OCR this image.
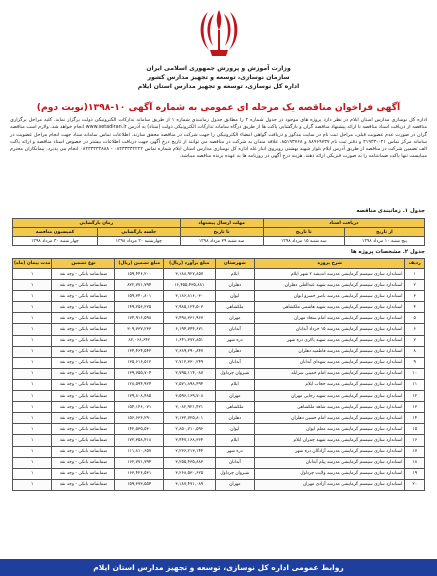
وزارت آموزش و پرورش جمهوری اسلامی ایران
سازمان نوسازی، توسعه و تجهیز مدارس کشور
اداره کل نوسازی، توسعه و تجهیز مدارس استان ایلام
آگهی فراخوان مناقصه یک مرحله ای عمومی به شماره آگهی ۱۰-۱۳۹۸(نوبت دوم)

اداره کل نوسازی مدارس استان ایلام در نظر دارد پروژه های موجود در جدول شماره ۲ را مطابق جدول زمانبندی شماره ۱ از طریق سامانه تدارکات الکترونیکی دولت برگزار نماید. کلیه مراحل برگزاری مناقصه از دریافت اسناد مناقصه تا ارائه پیشنهاد مناقصه گران و بازگشایی پاکت ها از طریق درگاه سامانه تدارکات الکترونیکی دولت (ستاد) به آدرس www.setadiran.ir انجام خواهد شد. ولازم است مناقصه گران در صورت عدم عضویت قبلی، مراحل ثبت نام در سایت مذکور و دریافت گواهی امضاء الکترونیکی را جهت شرکت در مناقصه محقق سازند. اطلاعات تماس سامانه ستاد جهت انجام مراحل عضویت در سامانه مرکز تماس ۰۲۱-۴۱۹۳۴ و دفتر ثبت نام ۸۸۹۶۹۷۳۷ و ۸۵۱۹۳۷۶۸. علاقه مندان به شرکت در مناقصه می توانند از تاریخ درج آگهی جهت دریافت اطلاعات بیشتر در خصوص اسناد مناقصه و ارائه پاکت الف تضمین شرکت در مناقصه از طریق آدرس ایلام بلوار شهید بهشتی روبروی انبار غله اداره کل نوسازی مدارس استان ایلام شماره تماس ۰۸۴۳۳۳۳۲۲۲۲ - ۰۸۴۳۳۳۳۴۸۸۸ انجام می پذیرد. پیمانکاران محترم میبایست تنها پاکت ضمانتنامه را به صورت فیزیکی ارائه دهند. هزینه درج آگهی در روزنامه ها به عهده برنده مناقصه میباشد.

جدول ۱. زمانبندی مناقصه
دریافت اسناد		مهلت ارسال پیشنهاد	زمان بازگشایی	
از تاریخ	تا تاریخ	تا تاریخ	جلسه بازگشایی	کمیسیون مناقصه
پنج شنبه ۱۰ مرداد ۱۳۹۸	سه شنبه ۱۵ مرداد ۱۳۹۸	سه شنبه ۲۹ مرداد ۱۳۹۸	چهارشنبه ۳۰ مرداد ۱۳۹۸	چهار شنبه ۳۰ مرداد ۱۳۹۸
جدول ۲. مشخصات پروژه ها
ردیف	شرح پروژه	شهرستان	مبلغ برآورد (ریال)	مبلغ تضمین (ریال)	نوع تضمین	مدت پیمان (ماه)
۱	استاندارد سازی سیستم گرمایشی مدرسه اندیشه ۲ شهر ایلام	ایلام	۳,۱۸۸,۹۲۷,۸۵۷	۱۵۹,۴۴۶,۲۰۰	ضمانتنامه بانکی - وجه نقد	۱
۲	استاندارد سازی سیستم گرمایشی مدرسه شهید عبدالعلی دهلران	دهلران	۱۶,۴۵۵,۴۳۵,۸۸۱	۸۲۲,۷۷۱,۷۹۴	ضمانتنامه بانکی - وجه نقد	۱
۳	استاندارد سازی سیستم گرمایشی مدرسه ناصر خسرو ایوان	ایوان	۳,۱۸۶,۸۱۶,۰۳۰	۱۵۹,۳۴۰,۸۰۱	ضمانتنامه بانکی - وجه نقد	۱
۴	استاندارد سازی سیستم گرمایشی مدرسه شهید هاشمی ملکشاهی	ملکشاهی	۲,۹۸۵,۱۲۴,۵۰۳	۱۴۹,۲۵۶,۲۲۵	ضمانتنامه بانکی - وجه نقد	۱
۵	استاندارد سازی سیستم گرمایشی مدرسه امام سجاد مهران	مهران	۳,۴۹۸,۳۳۱,۹۶۷	۱۷۴,۹۱۶,۵۹۸	ضمانتنامه بانکی - وجه نقد	۱
۶	استاندارد سازی سیستم گرمایشی مدرسه ۱۵ خرداد آبدانان	آبدانان	۶,۱۹۴,۷۴۴,۶۷۱	۳۰۹,۷۳۷,۲۳۳	ضمانتنامه بانکی - وجه نقد	۱
۷	استاندارد سازی سیستم گرمایشی مدرسه شهید باکری دره شهر	دره شهر	۱,۶۴۱,۳۷۲,۸۵۱	۸۲,۰۶۸,۶۴۲	ضمانتنامه بانکی - وجه نقد	۱
۸	استاندارد سازی سیستم گرمایشی مدرسه فاطمیه دهلران	دهلران	۲,۶۸۹,۲۹۰,۸۴۷	۱۳۴,۴۶۴,۵۴۲	ضمانتنامه بانکی - وجه نقد	۱
۹	استاندارد سازی سیستم گرمایشی مدرسه شهدای آبدانان	آبدانان	۲,۷۱۲,۳۳۰,۲۴۹	۱۳۵,۶۱۶,۵۱۲	ضمانتنامه بانکی - وجه نقد	۱
۱۰	استاندارد سازی سیستم گرمایشی مدرسه امام خمینی سرابله	شیروان چرداول	۲,۷۹۵,۱۱۴,۰۸۷	۱۳۹,۷۵۵,۷۰۴	ضمانتنامه بانکی - وجه نقد	۱
۱۱	استاندارد سازی سیستم گرمایشی مدرسه حجاب ایلام	ایلام	۲,۵۷۱,۸۹۸,۴۹۴	۱۲۸,۵۹۴,۹۲۴	ضمانتنامه بانکی - وجه نقد	۱
۱۲	استاندارد سازی سیستم گرمایشی مدرسه شهید رجایی مهران	مهران	۳,۵۹۶,۱۶۹,۷۰۸	۱۷۹,۸۰۸,۴۸۵	ضمانتنامه بانکی - وجه نقد	۱
۱۳	استاندارد سازی سیستم گرمایشی مدرسه شاهد ملکشاهی	ملکشاهی	۳,۰۸۲,۹۲۱,۴۲۱	۱۵۴,۱۴۶,۰۷۱	ضمانتنامه بانکی - وجه نقد	۱
۱۴	استاندارد سازی سیستم گرمایشی مدرسه امام حسین دهلران	دهلران	۳,۱۳۲,۷۲۵,۸۰۱	۱۵۶,۶۳۶,۲۹۰	ضمانتنامه بانکی - وجه نقد	۱
۱۵	استاندارد سازی سیستم گرمایشی مدرسه معلم ایوان	ایوان	۲,۸۵۰,۷۱۰,۵۹۶	۱۴۲,۵۳۵,۵۳۰	ضمانتنامه بانکی - وجه نقد	۱
۱۶	استاندارد سازی سیستم گرمایشی مدرسه شهید چمران ایلام	ایلام	۳,۴۴۷,۱۶۸,۳۶۴	۱۷۲,۳۵۸,۴۱۸	ضمانتنامه بانکی - وجه نقد	۱
۱۷	استاندارد سازی سیستم گرمایشی مدرسه آزادگان دره شهر	دره شهر	۲,۲۳۶,۲۱۳,۱۴۴	۱۱۱,۸۱۰,۶۵۷	ضمانتنامه بانکی - وجه نقد	۱
۱۸	استاندارد سازی سیستم گرمایشی مدرسه پیام آبدانان	آبدانان	۳,۲۵۵,۴۳۵,۸۸۳	۱۶۲,۷۷۱,۷۹۴	ضمانتنامه بانکی - وجه نقد	۱
۱۹	استاندارد سازی سیستم گرمایشی مدرسه ولایت چرداول	شیروان چرداول	۳,۲۶۸,۵۳۰,۶۲۵	۱۶۳,۴۲۶,۵۳۱	ضمانتنامه بانکی - وجه نقد	۱
۲۰	استاندارد سازی سیستم گرمایشی مدرسه آزادی مهران	مهران	۳,۱۸۷,۴۷۱,۰۸۹	۱۵۹,۳۷۳,۵۵۴	ضمانتنامه بانکی - وجه نقد	۱
روابط عمومی اداره کل نوسازی، توسعه و تجهیز مدارس استان ایلام
